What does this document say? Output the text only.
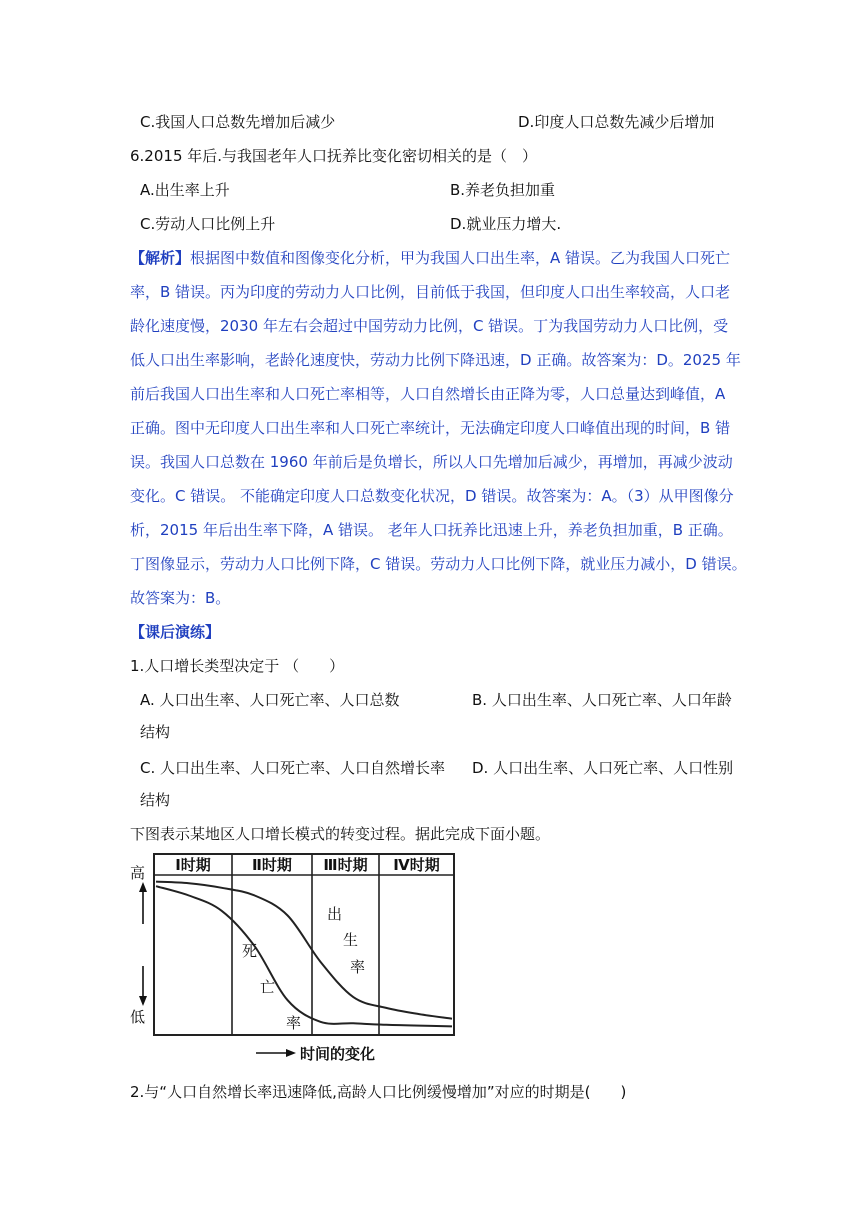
C.我国人口总数先增加后减少	D.印度人口总数先减少后增加
6.2015 年后.与我国老年人口抚养比变化密切相关的是（　）
A.出生率上升	B.养老负担加重
C.劳动人口比例上升	D.就业压力增大.
【解析】根据图中数值和图像变化分析，甲为我国人口出生率，A 错误。乙为我国人口死亡
率，B 错误。丙为印度的劳动力人口比例，目前低于我国，但印度人口出生率较高，人口老
龄化速度慢，2030 年左右会超过中国劳动力比例，C 错误。丁为我国劳动力人口比例，受
低人口出生率影响，老龄化速度快，劳动力比例下降迅速，D 正确。故答案为：D。2025 年
前后我国人口出生率和人口死亡率相等，人口自然增长由正降为零，人口总量达到峰值，A
正确。图中无印度人口出生率和人口死亡率统计，无法确定印度人口峰值出现的时间，B 错
误。我国人口总数在 1960 年前后是负增长，所以人口先增加后减少，再增加，再减少波动
变化。C 错误。 不能确定印度人口总数变化状况，D 错误。故答案为：A。（3）从甲图像分
析，2015 年后出生率下降，A 错误。 老年人口抚养比迅速上升，养老负担加重，B 正确。
丁图像显示，劳动力人口比例下降，C 错误。劳动力人口比例下降，就业压力减小，D 错误。
故答案为：B。
【课后演练】
1.人口增长类型决定于 （　　）
A. 人口出生率、人口死亡率、人口总数	B. 人口出生率、人口死亡率、人口年龄
结构
C. 人口出生率、人口死亡率、人口自然增长率 D. 人口出生率、人口死亡率、人口性别
结构
下图表示某地区人口增长模式的转变过程。据此完成下面小题。
Ⅰ时期	Ⅱ时期 Ⅲ时期 Ⅳ时期
高
低
时间的变化
出
生
率
死
亡
率
2.与“人口自然增长率迅速降低,高龄人口比例缓慢增加”对应的时期是(　　)
